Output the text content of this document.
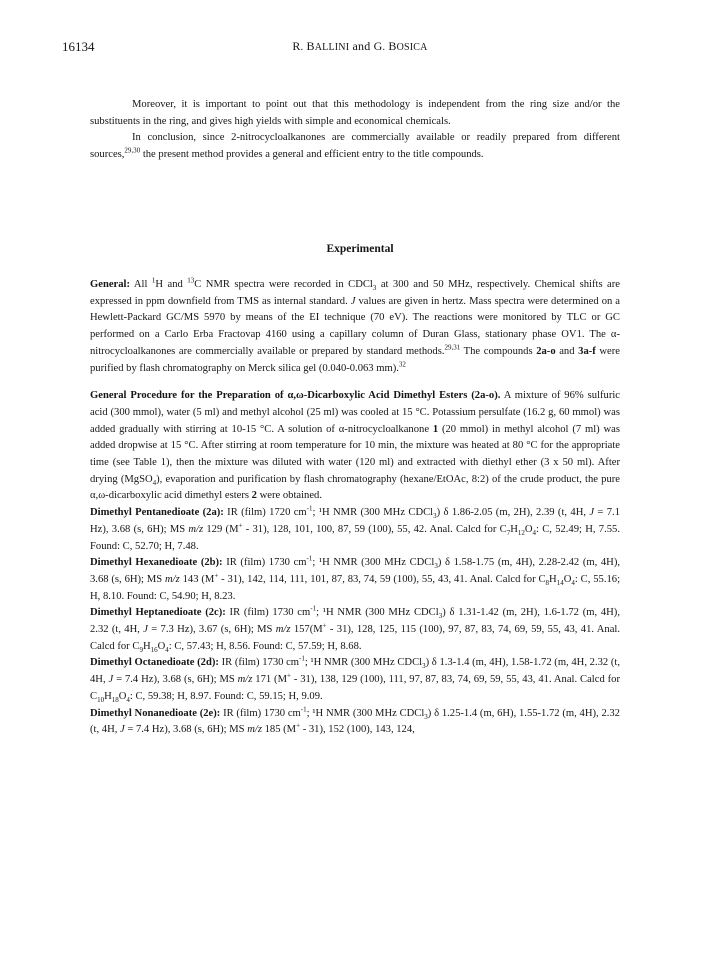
16134	R. BALLINI and G. BOSICA

Moreover, it is important to point out that this methodology is independent from the ring size and/or the substituents in the ring, and gives high yields with simple and economical chemicals.

In conclusion, since 2-nitrocycloalkanones are commercially available or readily prepared from different sources,$^{29,30}$ the present method provides a general and efficient entry to the title compounds.

Experimental

General: All $^1$H and $^{13}$C NMR spectra were recorded in CDCl$_3$ at 300 and 50 MHz, respectively. Chemical shifts are expressed in ppm downfield from TMS as internal standard. J values are given in hertz. Mass spectra were determined on a Hewlett-Packard GC/MS 5970 by means of the EI technique (70 eV). The reactions were monitored by TLC or GC performed on a Carlo Erba Fractovap 4160 using a capillary column of Duran Glass, stationary phase OV1. The α-nitrocycloalkanones are commercially available or prepared by standard methods.$^{29,31}$ The compounds 2a-o and 3a-f were purified by flash chromatography on Merck silica gel (0.040-0.063 mm).$^{32}$

General Procedure for the Preparation of α,ω-Dicarboxylic Acid Dimethyl Esters (2a-o). A mixture of 96% sulfuric acid (300 mmol), water (5 ml) and methyl alcohol (25 ml) was cooled at 15 °C. Potassium persulfate (16.2 g, 60 mmol) was added gradually with stirring at 10-15 °C. A solution of α-nitrocycloalkanone 1 (20 mmol) in methyl alcohol (7 ml) was added dropwise at 15 °C. After stirring at room temperature for 10 min, the mixture was heated at 80 °C for the appropriate time (see Table 1), then the mixture was diluted with water (120 ml) and extracted with diethyl ether (3 x 50 ml). After drying (MgSO$_4$), evaporation and purification by flash chromatography (hexane/EtOAc, 8:2) of the crude product, the pure α,ω-dicarboxylic acid dimethyl esters 2 were obtained.

Dimethyl Pentanedioate (2a): IR (film) 1720 $cm^{-1}$; ¹H NMR (300 MHz CDCl$_3$) δ 1.86-2.05 (m, 2H), 2.39 (t, 4H, J = 7.1 Hz), 3.68 (s, 6H); MS m/z 129 (M+ - 31), 128, 101, 100, 87, 59 (100), 55, 42. Anal. Calcd for $C_7H_{12}O_4$: C, 52.49; H, 7.55. Found: C, 52.70; H, 7.48.

Dimethyl Hexanedioate (2b): IR (film) 1730 $cm^{-1}$; ¹H NMR (300 MHz CDCl$_3$) δ 1.58-1.75 (m, 4H), 2.28-2.42 (m, 4H), 3.68 (s, 6H); MS m/z 143 (M+ - 31), 142, 114, 111, 101, 87, 83, 74, 59 (100), 55, 43, 41. Anal. Calcd for $C_8H_{14}O_4$: C, 55.16; H, 8.10. Found: C, 54.90; H, 8.23.

Dimethyl Heptanedioate (2c): IR (film) 1730 $cm^{-1}$; ¹H NMR (300 MHz CDCl$_3$) δ 1.31-1.42 (m, 2H), 1.6-1.72 (m, 4H), 2.32 (t, 4H, J = 7.3 Hz), 3.67 (s, 6H); MS m/z 157(M+ - 31), 128, 125, 115 (100), 97, 87, 83, 74, 69, 59, 55, 43, 41. Anal. Calcd for $C_9H_{16}O_4$: C, 57.43; H, 8.56. Found: C, 57.59; H, 8.68.

Dimethyl Octanedioate (2d): IR (film) 1730 $cm^{-1}$; ¹H NMR (300 MHz CDCl$_3$) δ 1.3-1.4 (m, 4H), 1.58-1.72 (m, 4H, 2.32 (t, 4H, J = 7.4 Hz), 3.68 (s, 6H); MS m/z 171 (M+ - 31), 138, 129 (100), 111, 97, 87, 83, 74, 69, 59, 55, 43, 41. Anal. Calcd for $C_{10}H_{18}O_4$: C, 59.38; H, 8.97. Found: C, 59.15; H, 9.09.

Dimethyl Nonanedioate (2e): IR (film) 1730 $cm^{-1}$; ¹H NMR (300 MHz CDCl$_3$) δ 1.25-1.4 (m, 6H), 1.55-1.72 (m, 4H), 2.32 (t, 4H, J = 7.4 Hz), 3.68 (s, 6H); MS m/z 185 (M+ - 31), 152 (100), 143, 124,
